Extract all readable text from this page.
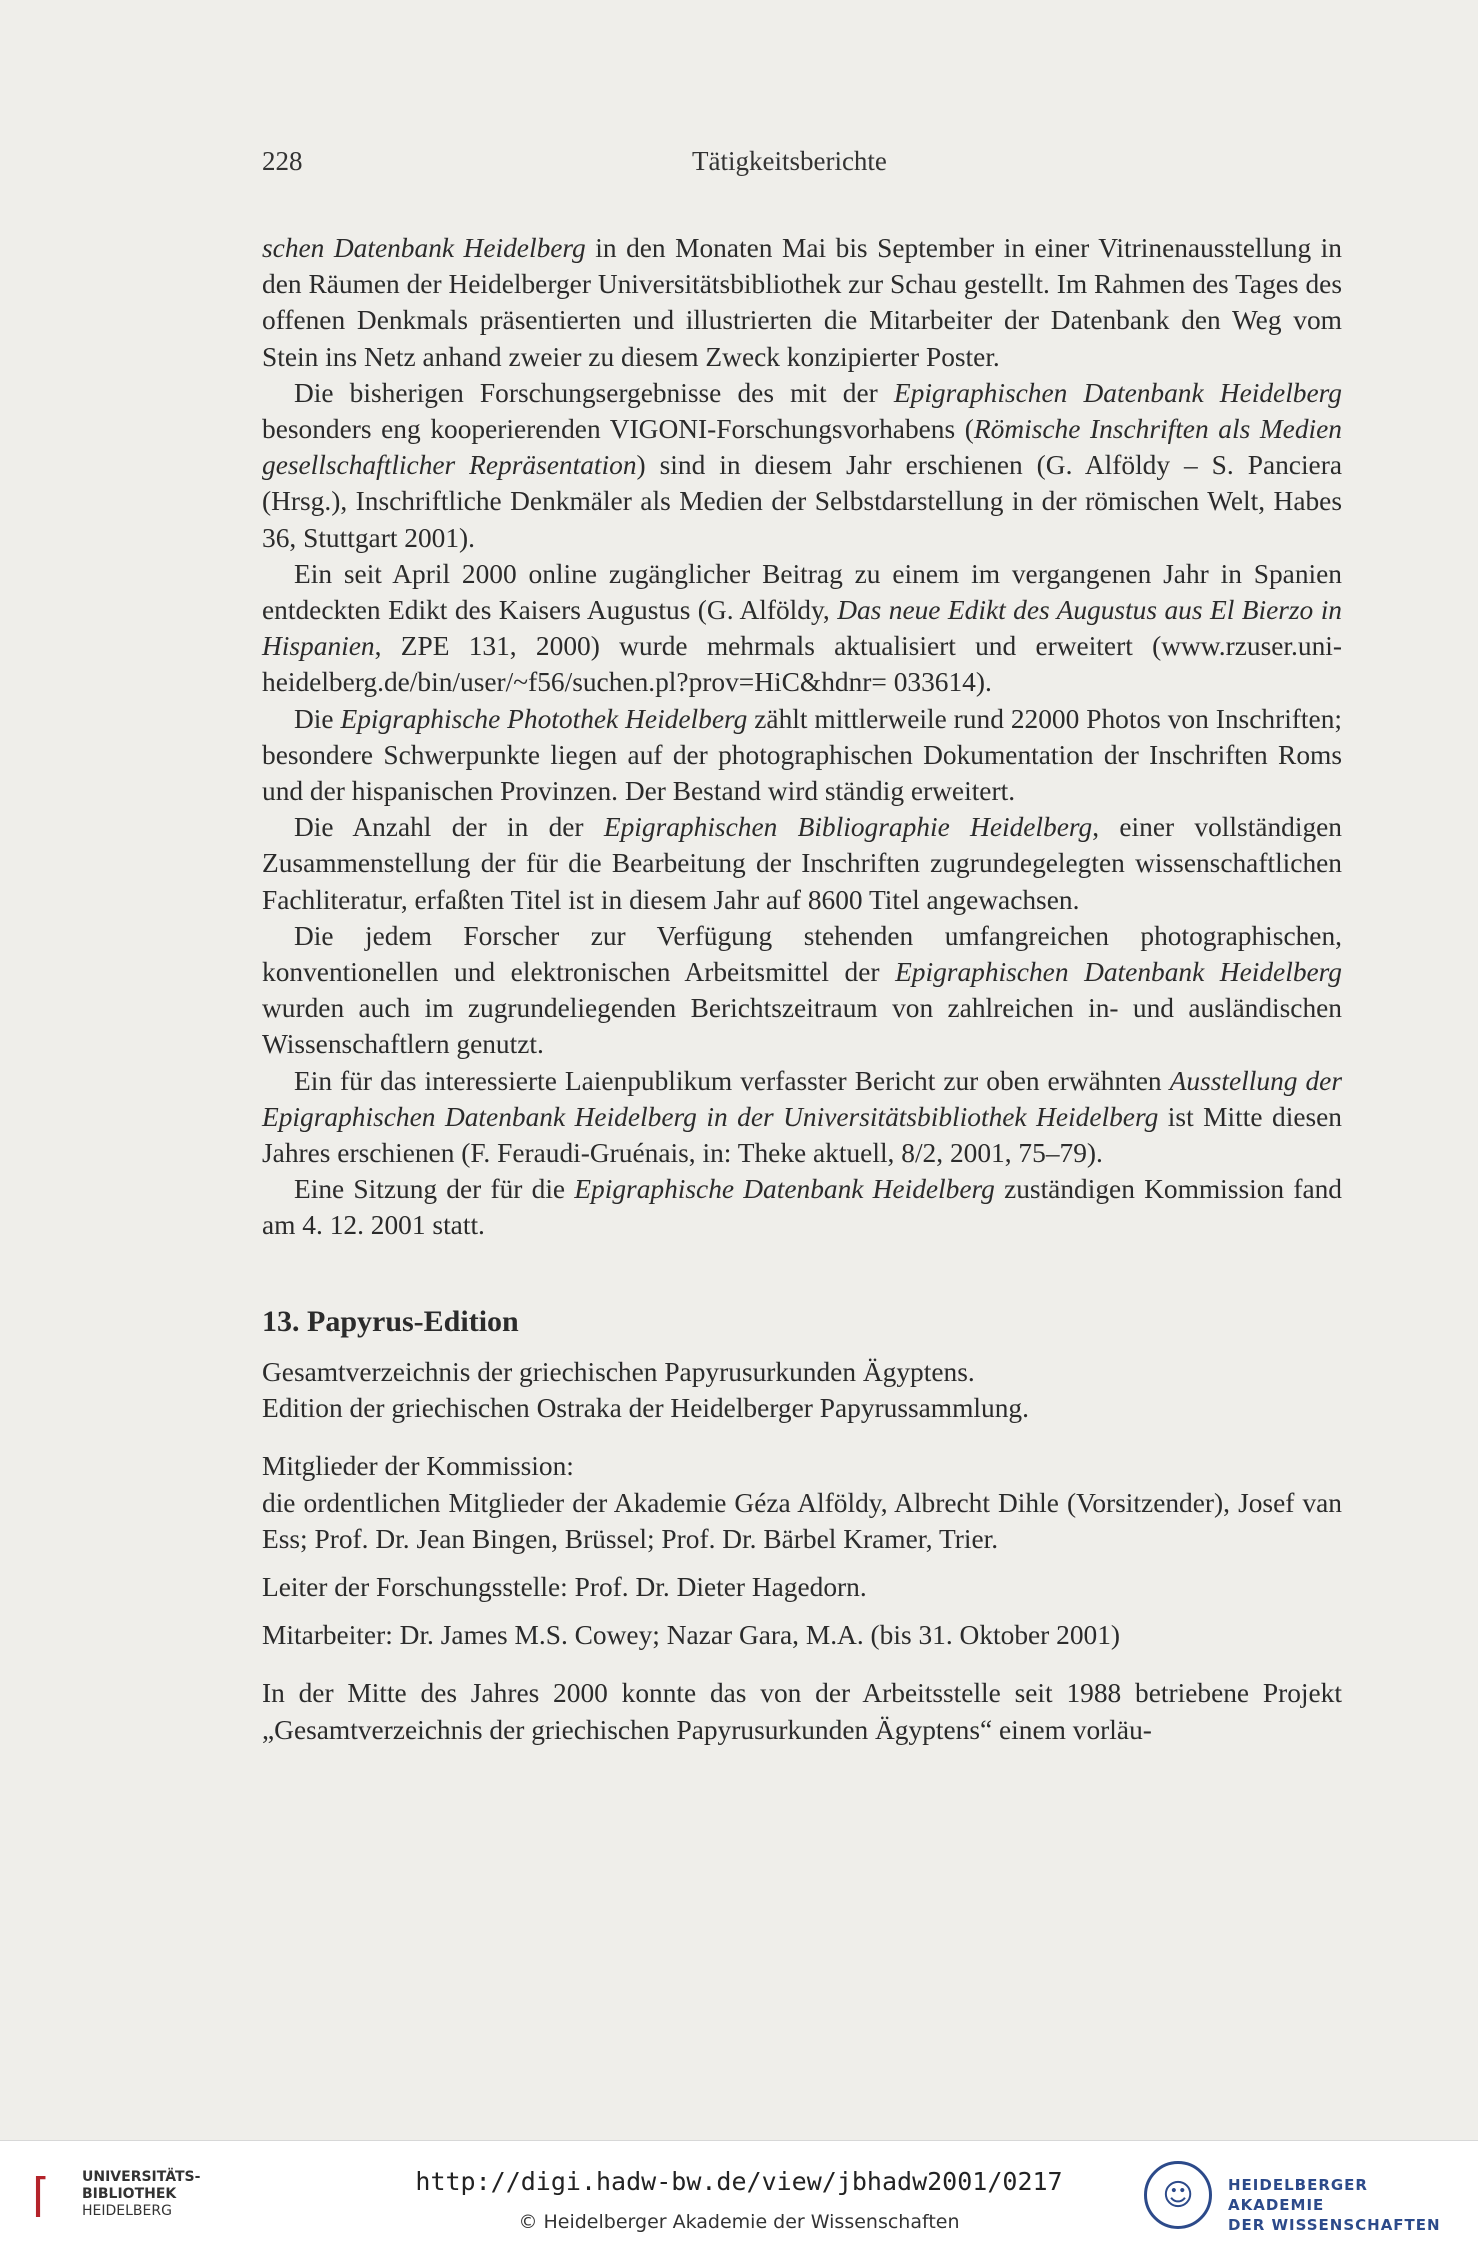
228	Tätigkeitsberichte

schen Datenbank Heidelberg in den Monaten Mai bis September in einer Vitrinenausstellung in den Räumen der Heidelberger Universitätsbibliothek zur Schau gestellt. Im Rahmen des Tages des offenen Denkmals präsentierten und illustrierten die Mitarbeiter der Datenbank den Weg vom Stein ins Netz anhand zweier zu diesem Zweck konzipierter Poster.

Die bisherigen Forschungsergebnisse des mit der Epigraphischen Datenbank Heidelberg besonders eng kooperierenden VIGONI-Forschungsvorhabens (Römische Inschriften als Medien gesellschaftlicher Repräsentation) sind in diesem Jahr erschienen (G. Alföldy – S. Panciera (Hrsg.), Inschriftliche Denkmäler als Medien der Selbstdarstellung in der römischen Welt, Habes 36, Stuttgart 2001).

Ein seit April 2000 online zugänglicher Beitrag zu einem im vergangenen Jahr in Spanien entdeckten Edikt des Kaisers Augustus (G. Alföldy, Das neue Edikt des Augustus aus El Bierzo in Hispanien, ZPE 131, 2000) wurde mehrmals aktualisiert und erweitert (www.rzuser.uni-heidelberg.de/bin/user/~f56/suchen.pl?prov=HiC&hdnr= 033614).

Die Epigraphische Photothek Heidelberg zählt mittlerweile rund 22000 Photos von Inschriften; besondere Schwerpunkte liegen auf der photographischen Dokumentation der Inschriften Roms und der hispanischen Provinzen. Der Bestand wird ständig erweitert.

Die Anzahl der in der Epigraphischen Bibliographie Heidelberg, einer vollständigen Zusammenstellung der für die Bearbeitung der Inschriften zugrundegelegten wissenschaftlichen Fachliteratur, erfaßten Titel ist in diesem Jahr auf 8600 Titel angewachsen.

Die jedem Forscher zur Verfügung stehenden umfangreichen photographischen, konventionellen und elektronischen Arbeitsmittel der Epigraphischen Datenbank Heidelberg wurden auch im zugrundeliegenden Berichtszeitraum von zahlreichen in- und ausländischen Wissenschaftlern genutzt.

Ein für das interessierte Laienpublikum verfasster Bericht zur oben erwähnten Ausstellung der Epigraphischen Datenbank Heidelberg in der Universitätsbibliothek Heidelberg ist Mitte diesen Jahres erschienen (F. Feraudi-Gruénais, in: Theke aktuell, 8/2, 2001, 75–79).

Eine Sitzung der für die Epigraphische Datenbank Heidelberg zuständigen Kommission fand am 4. 12. 2001 statt.

13. Papyrus-Edition

Gesamtverzeichnis der griechischen Papyrusurkunden Ägyptens.

Edition der griechischen Ostraka der Heidelberger Papyrussammlung.

Mitglieder der Kommission:

die ordentlichen Mitglieder der Akademie Géza Alföldy, Albrecht Dihle (Vorsitzender), Josef van Ess; Prof. Dr. Jean Bingen, Brüssel; Prof. Dr. Bärbel Kramer, Trier.

Leiter der Forschungsstelle: Prof. Dr. Dieter Hagedorn.

Mitarbeiter: Dr. James M.S. Cowey; Nazar Gara, M.A. (bis 31. Oktober 2001)

In der Mitte des Jahres 2000 konnte das von der Arbeitsstelle seit 1988 betriebene Projekt „Gesamtverzeichnis der griechischen Papyrusurkunden Ägyptens“ einem vorläu-

⌈	UNIVERSITÄTS-
BIBLIOTHEK
HEIDELBERG
http://digi.hadw-bw.de/view/jbhadw2001/0217
© Heidelberger Akademie der Wissenschaften
☺	HEIDELBERGER AKADEMIE
DER WISSENSCHAFTEN
